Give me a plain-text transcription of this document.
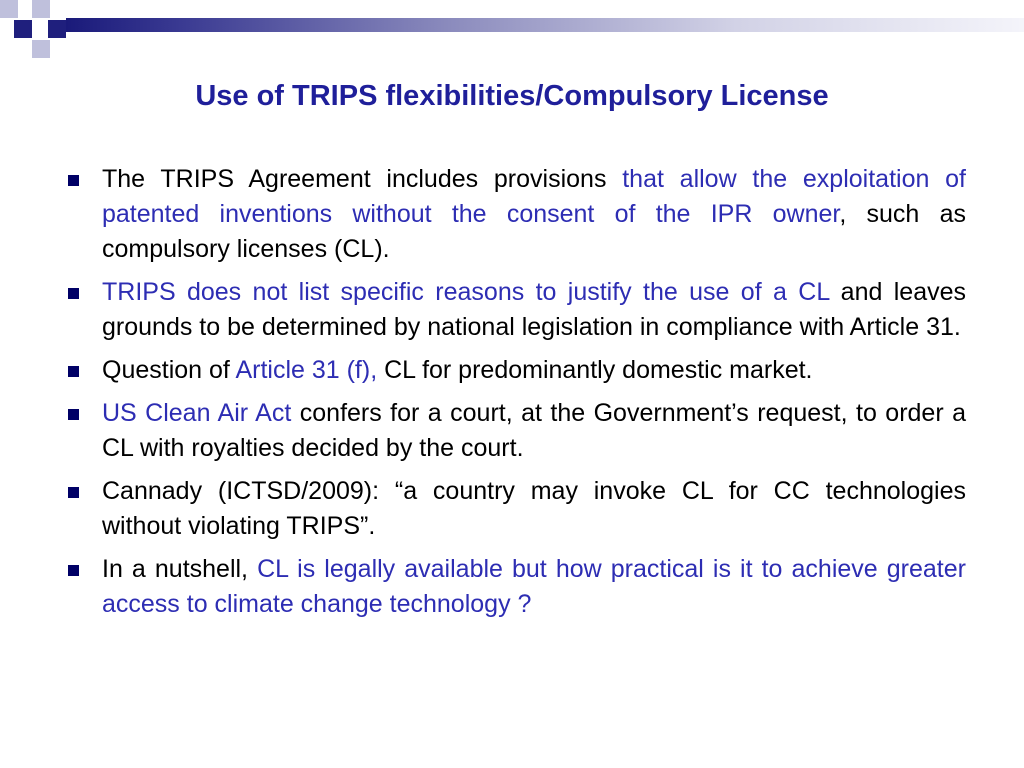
Use of TRIPS flexibilities/Compulsory License
The TRIPS Agreement includes provisions that allow the exploitation of patented inventions without the consent of the IPR owner, such as compulsory licenses (CL).
TRIPS does not list specific reasons to justify the use of a CL and leaves grounds to be determined by national legislation in compliance with Article 31.
Question of Article 31 (f), CL for predominantly domestic market.
US Clean Air Act confers for a court, at the Government’s request, to order a CL with royalties decided by the court.
Cannady (ICTSD/2009): “a country may invoke CL for CC technologies without violating TRIPS”.
In a nutshell, CL is legally available but how practical is it to achieve greater access to climate change technology ?
